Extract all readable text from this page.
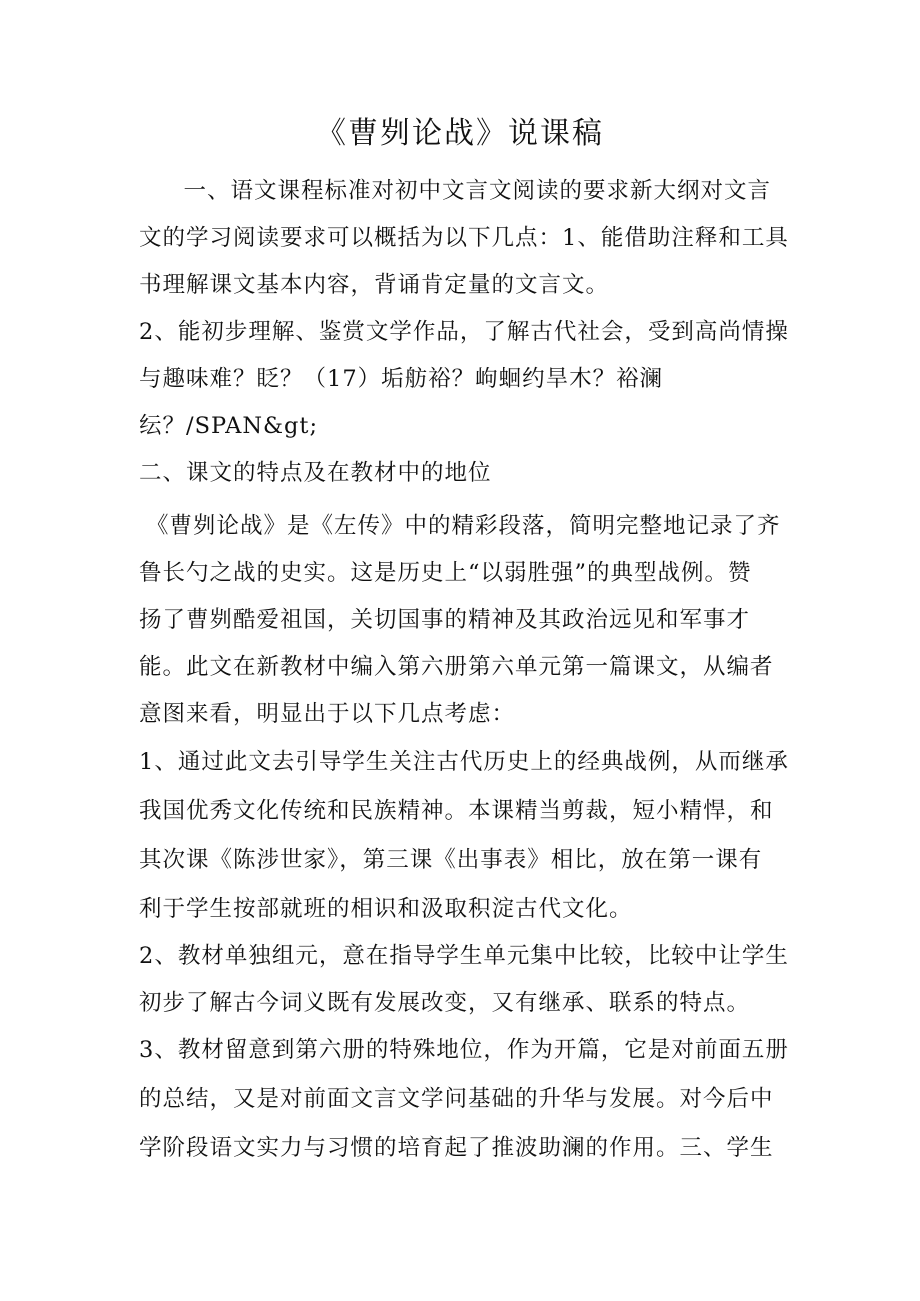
《曹刿论战》说课稿
　一、语文课程标准对初中文言文阅读的要求新大纲对文言
文的学习阅读要求可以概括为以下几点：1、能借助注释和工具
书理解课文基本内容，背诵肯定量的文言文。
2、能初步理解、鉴赏文学作品，了解古代社会，受到高尚情操
与趣味难？眨？（17）垢舫裕？岣蛔约旱木？裕澜
纭？/SPAN&gt;
二、课文的特点及在教材中的地位
《曹刿论战》是《左传》中的精彩段落，简明完整地记录了齐
鲁长勺之战的史实。这是历史上“以弱胜强”的典型战例。赞
扬了曹刿酷爱祖国，关切国事的精神及其政治远见和军事才
能。此文在新教材中编入第六册第六单元第一篇课文，从编者
意图来看，明显出于以下几点考虑：
1、通过此文去引导学生关注古代历史上的经典战例，从而继承
我国优秀文化传统和民族精神。本课精当剪裁，短小精悍，和
其次课《陈涉世家》，第三课《出事表》相比，放在第一课有
利于学生按部就班的相识和汲取积淀古代文化。
2、教材单独组元，意在指导学生单元集中比较，比较中让学生
初步了解古今词义既有发展改变，又有继承、联系的特点。
3、教材留意到第六册的特殊地位，作为开篇，它是对前面五册
的总结，又是对前面文言文学问基础的升华与发展。对今后中
学阶段语文实力与习惯的培育起了推波助澜的作用。三、学生
